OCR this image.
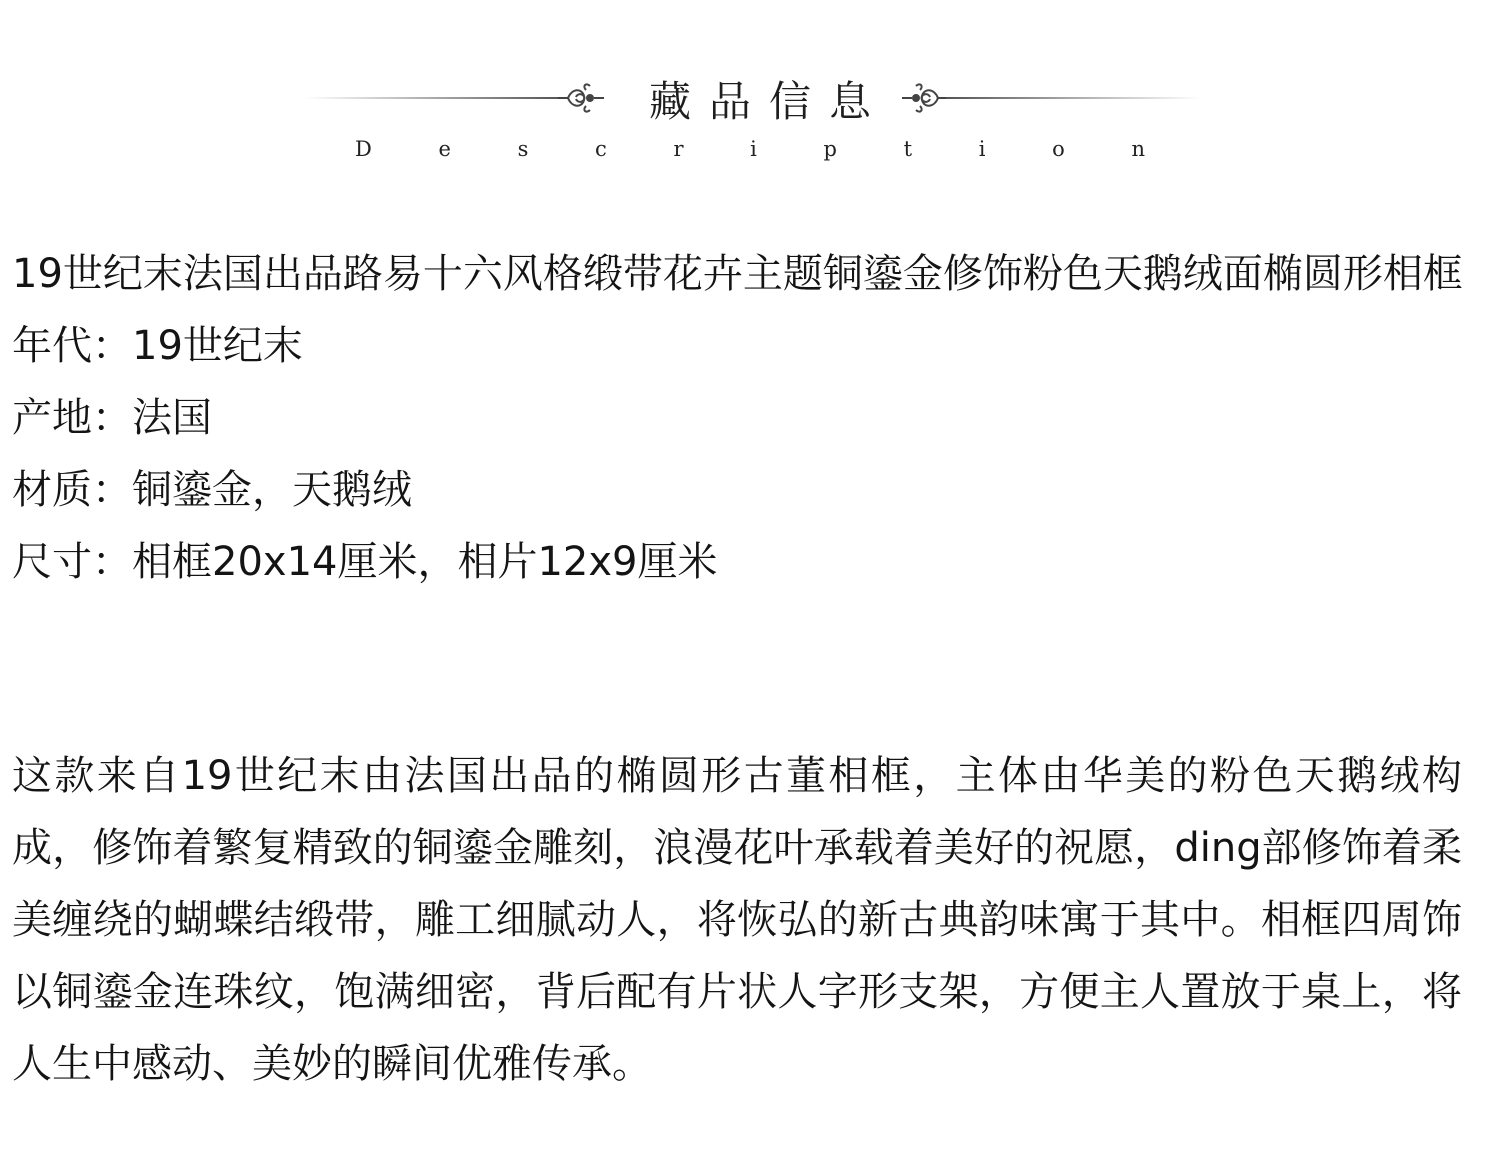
藏品信息
D	e	s	c	r	i	p	t	i	o	n
19世纪末法国出品路易十六风格缎带花卉主题铜鎏金修饰粉色天鹅绒面椭圆形相框
年代：19世纪末
产地：法国
材质：铜鎏金，天鹅绒
尺寸：相框20x14厘米，相片12x9厘米
这款来自19世纪末由法国出品的椭圆形古董相框，主体由华美的粉色天鹅绒构成，修饰着繁复精致的铜鎏金雕刻，浪漫花叶承载着美好的祝愿，ding部修饰着柔美缠绕的蝴蝶结缎带，雕工细腻动人，将恢弘的新古典韵味寓于其中。相框四周饰以铜鎏金连珠纹，饱满细密，背后配有片状人字形支架，方便主人置放于桌上，将人生中感动、美妙的瞬间优雅传承。
